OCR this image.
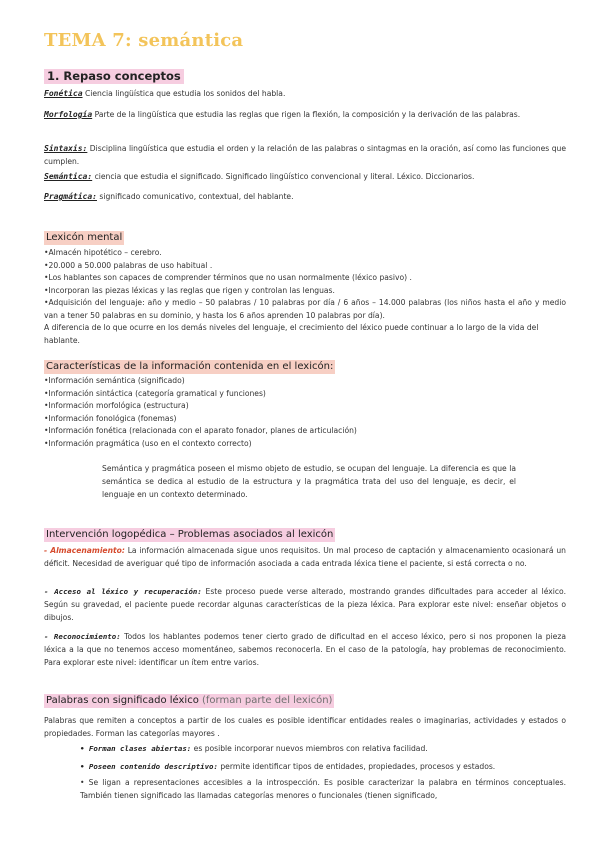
TEMA 7: semántica
1. Repaso conceptos

Fonética Ciencia lingüística que estudia los sonidos del habla.

Morfología Parte de la lingüística que estudia las reglas que rigen la flexión, la composición y la derivación de las palabras.

Sintaxis: Disciplina lingüística que estudia el orden y la relación de las palabras o sintagmas en la oración, así como las funciones que cumplen.

Semántica: ciencia que estudia el significado. Significado lingüístico convencional y literal. Léxico. Diccionarios.

Pragmática: significado comunicativo, contextual, del hablante.

Lexicón mental
• Almacén hipotético – cerebro.
• 20.000 a 50.000 palabras de uso habitual .
• Los hablantes son capaces de comprender términos que no usan normalmente (léxico pasivo) .
• Incorporan las piezas léxicas y las reglas que rigen y controlan las lenguas.
• Adquisición del lenguaje: año y medio – 50 palabras / 10 palabras por día / 6 años – 14.000 palabras (los niños hasta el año y medio van a tener 50 palabras en su dominio, y hasta los 6 años aprenden 10 palabras por día).

A diferencia de lo que ocurre en los demás niveles del lenguaje, el crecimiento del léxico puede continuar a lo largo de la vida del hablante.

Características de la información contenida en el lexicón:
• Información semántica (significado)
• Información sintáctica (categoría gramatical y funciones)
• Información morfológica (estructura)
• Información fonológica (fonemas)
• Información fonética (relacionada con el aparato fonador, planes de articulación)
• Información pragmática (uso en el contexto correcto)

Semántica y pragmática poseen el mismo objeto de estudio, se ocupan del lenguaje. La diferencia es que la semántica se dedica al estudio de la estructura y la pragmática trata del uso del lenguaje, es decir, el lenguaje en un contexto determinado.

Intervención logopédica – Problemas asociados al lexicón

- Almacenamiento: La información almacenada sigue unos requisitos. Un mal proceso de captación y almacenamiento ocasionará un déficit. Necesidad de averiguar qué tipo de información asociada a cada entrada léxica tiene el paciente, si está correcta o no.

- Acceso al léxico y recuperación: Este proceso puede verse alterado, mostrando grandes dificultades para acceder al léxico. Según su gravedad, el paciente puede recordar algunas características de la pieza léxica. Para explorar este nivel: enseñar objetos o dibujos.

- Reconocimiento: Todos los hablantes podemos tener cierto grado de dificultad en el acceso léxico, pero si nos proponen la pieza léxica a la que no tenemos acceso momentáneo, sabemos reconocerla. En el caso de la patología, hay problemas de reconocimiento. Para explorar este nivel: identificar un ítem entre varios.

Palabras con significado léxico (forman parte del lexicón)

Palabras que remiten a conceptos a partir de los cuales es posible identificar entidades reales o imaginarias, actividades y estados o propiedades. Forman las categorías mayores .

• Forman clases abiertas: es posible incorporar nuevos miembros con relativa facilidad.

• Poseen contenido descriptivo: permite identificar tipos de entidades, propiedades, procesos y estados.

• Se ligan a representaciones accesibles a la introspección. Es posible caracterizar la palabra en términos conceptuales. También tienen significado las llamadas categorías menores o funcionales (tienen significado,
